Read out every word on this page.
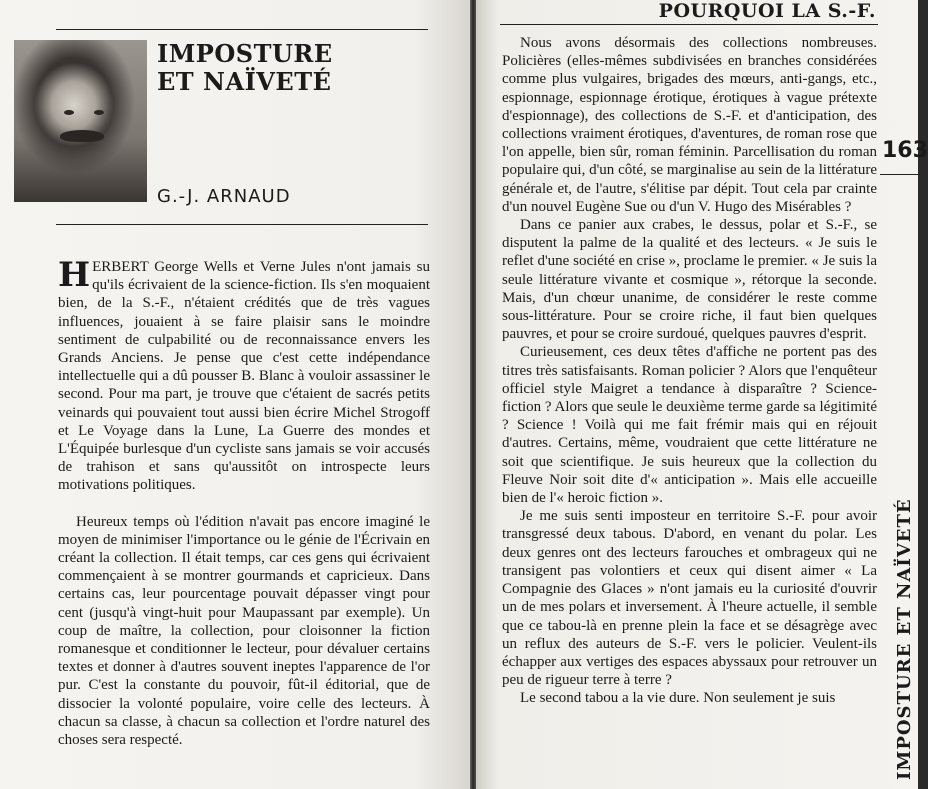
IMPOSTURE
ET NAÏVETÉ
G.-J. ARNAUD

HERBERT George Wells et Verne Jules n'ont jamais su qu'ils écrivaient de la science-fiction. Ils s'en moquaient bien, de la S.-F., n'étaient crédités que de très vagues influences, jouaient à se faire plaisir sans le moindre sentiment de culpabilité ou de reconnaissance envers les Grands Anciens. Je pense que c'est cette indépendance intellectuelle qui a dû pousser B. Blanc à vouloir assassiner le second. Pour ma part, je trouve que c'étaient de sacrés petits veinards qui pouvaient tout aussi bien écrire Michel Strogoff et Le Voyage dans la Lune, La Guerre des mondes et L'Équipée burlesque d'un cycliste sans jamais se voir accusés de trahison et sans qu'aussitôt on introspecte leurs motivations politiques.

Heureux temps où l'édition n'avait pas encore imaginé le moyen de minimiser l'importance ou le génie de l'Écrivain en créant la collection. Il était temps, car ces gens qui écrivaient commençaient à se montrer gourmands et capricieux. Dans certains cas, leur pourcentage pouvait dépasser vingt pour cent (jusqu'à vingt-huit pour Maupassant par exemple). Un coup de maître, la collection, pour cloisonner la fiction romanesque et conditionner le lecteur, pour dévaluer certains textes et donner à d'autres souvent ineptes l'apparence de l'or pur. C'est la constante du pouvoir, fût-il éditorial, que de dissocier la volonté populaire, voire celle des lecteurs. À chacun sa classe, à chacun sa collection et l'ordre naturel des choses sera respecté.

POURQUOI LA S.-F.

Nous avons désormais des collections nombreuses. Policières (elles-mêmes subdivisées en branches considérées comme plus vulgaires, brigades des mœurs, anti-gangs, etc., espionnage, espionnage érotique, érotiques à vague prétexte d'espionnage), des collections de S.-F. et d'anticipation, des collections vraiment érotiques, d'aventures, de roman rose que l'on appelle, bien sûr, roman féminin. Parcellisation du roman populaire qui, d'un côté, se marginalise au sein de la littérature générale et, de l'autre, s'élitise par dépit. Tout cela par crainte d'un nouvel Eugène Sue ou d'un V. Hugo des Misérables ?

Dans ce panier aux crabes, le dessus, polar et S.-F., se disputent la palme de la qualité et des lecteurs. « Je suis le reflet d'une société en crise », proclame le premier. « Je suis la seule littérature vivante et cosmique », rétorque la seconde. Mais, d'un chœur unanime, de considérer le reste comme sous-littérature. Pour se croire riche, il faut bien quelques pauvres, et pour se croire surdoué, quelques pauvres d'esprit.

Curieusement, ces deux têtes d'affiche ne portent pas des titres très satisfaisants. Roman policier ? Alors que l'enquêteur officiel style Maigret a tendance à disparaître ? Science-fiction ? Alors que seule le deuxième terme garde sa légitimité ? Science ! Voilà qui me fait frémir mais qui en réjouit d'autres. Certains, même, voudraient que cette littérature ne soit que scientifique. Je suis heureux que la collection du Fleuve Noir soit dite d'« anticipation ». Mais elle accueille bien de l'« heroic fiction ».

Je me suis senti imposteur en territoire S.-F. pour avoir transgressé deux tabous. D'abord, en venant du polar. Les deux genres ont des lecteurs farouches et ombrageux qui ne transigent pas volontiers et ceux qui disent aimer « La Compagnie des Glaces » n'ont jamais eu la curiosité d'ouvrir un de mes polars et inversement. À l'heure actuelle, il semble que ce tabou-là en prenne plein la face et se désagrège avec un reflux des auteurs de S.-F. vers le policier. Veulent-ils échapper aux vertiges des espaces abyssaux pour retrouver un peu de rigueur terre à terre ?

Le second tabou a la vie dure. Non seulement je suis

163
IMPOSTURE ET NAÏVETÉ
